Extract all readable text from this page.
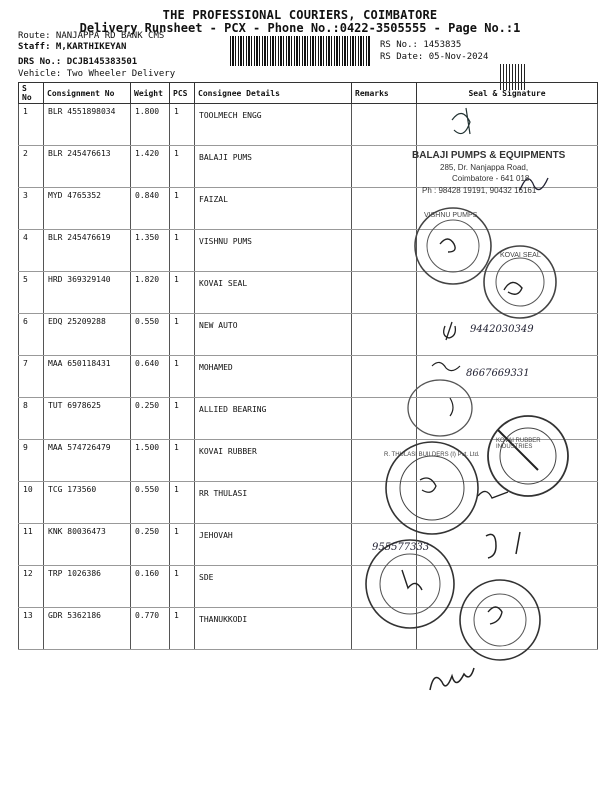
THE PROFESSIONAL COURIERS, COIMBATORE
Delivery Runsheet - PCX - Phone No.:0422-3505555 - Page No.:1
Route: NANJAPPA RD BANK CMS
Staff: M,KARTHIKEYAN
DRS No.: DCJB145383501
Vehicle: Two Wheeler Delivery
RS No.: 1453835
RS Date: 05-Nov-2024
S No	Consignment No	Weight	PCS	Consignee Details	Remarks	Seal & Signature

1	BLR 4551898034	1.800	1	TOOLMECH ENGG		

2	BLR 245476613	1.420	1	BALAJI PUMS		

3	MYD 4765352	0.840	1	FAIZAL		

4	BLR 245476619	1.350	1	VISHNU PUMS		

5	HRD 369329140	1.820	1	KOVAI SEAL		

6	EDQ 25209288	0.550	1	NEW AUTO		

7	MAA 650118431	0.640	1	MOHAMED		

8	TUT 6978625	0.250	1	ALLIED BEARING		

9	MAA 574726479	1.500	1	KOVAI RUBBER		

10	TCG 173560	0.550	1	RR THULASI		

11	KNK 80036473	0.250	1	JEHOVAH		

12	TRP 1026386	0.160	1	SDE		

13	GDR 5362186	0.770	1	THANUKKODI		

BALAJI PUMPS & EQUIPMENTS
285, Dr. Nanjappa Road,
Coimbatore - 641 018.
Ph : 98428 19191, 90432 16161
VISHNU PUMPS
KOVAI SEAL
R. THULASI BUILDERS (I) Pvt. Ltd.
KOVAI RUBBER INDUSTRIES
9442030349
8667669331
955577333
